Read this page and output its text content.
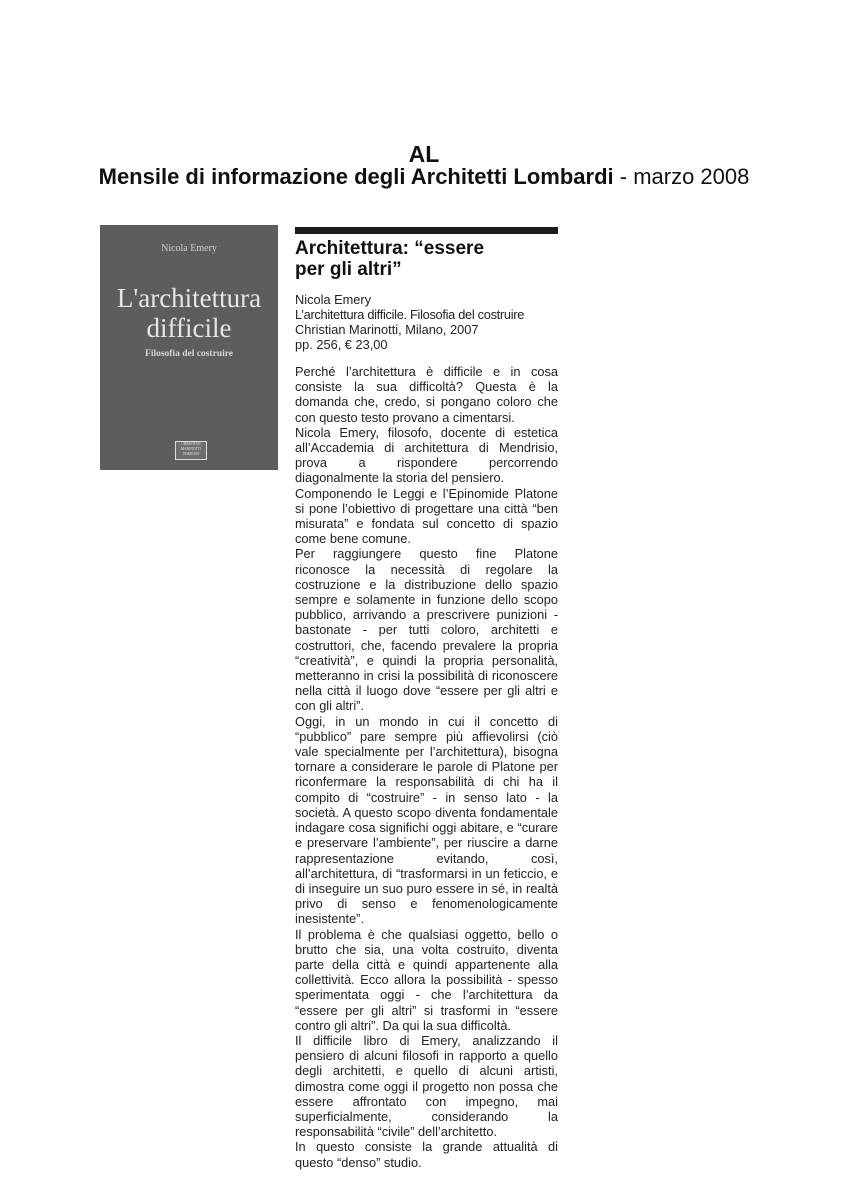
AL
Mensile di informazione degli Architetti Lombardi - marzo 2008
Nicola Emery
L'architettura
difficile
Filosofia del costruire
CHRISTIAN MARINOTTI EDIZIONI
Architettura: “essere
per gli altri”
Nicola Emery
L’architettura difficile. Filosofia del costruire
Christian Marinotti, Milano, 2007
pp. 256, € 23,00

Perché l’architettura è difficile e in cosa consiste la sua difficoltà? Questa è la domanda che, credo, si pongano coloro che con questo testo provano a cimentarsi.

Nicola Emery, filosofo, docente di estetica all’Accademia di architettura di Mendrisio, prova a rispondere percorrendo diagonalmente la storia del pensiero.

Componendo le Leggi e l’Epinomide Platone si pone l’obiettivo di progettare una città “ben misurata” e fondata sul concetto di spazio come bene comune.

Per raggiungere questo fine Platone riconosce la necessità di regolare la costruzione e la distribuzione dello spazio sempre e solamente in funzione dello scopo pubblico, arrivando a prescrivere punizioni - bastonate - per tutti coloro, architetti e costruttori, che, facendo prevalere la propria “creatività”, e quindi la propria personalità, metteranno in crisi la possibilità di riconoscere nella città il luogo dove “essere per gli altri e con gli altri”.

Oggi, in un mondo in cui il concetto di “pubblico” pare sempre più affievolirsi (ciò vale specialmente per l’architettura), bisogna tornare a considerare le parole di Platone per riconfermare la responsabilità di chi ha il compito di “costruire” - in senso lato - la società. A questo scopo diventa fondamentale indagare cosa significhi oggi abitare, e “curare e preservare l’ambiente”, per riuscire a darne rappresentazione evitando, così, all’architettura, di “trasformarsi in un feticcio, e di inseguire un suo puro essere in sé, in realtà privo di senso e fenomenologicamente inesistente”.

Il problema è che qualsiasi oggetto, bello o brutto che sia, una volta costruito, diventa parte della città e quindi appartenente alla collettività. Ecco allora la possibilità - spesso sperimentata oggi - che l’architettura da “essere per gli altri” si trasformi in “essere contro gli altri”. Da qui la sua difficoltà.

Il difficile libro di Emery, analizzando il pensiero di alcuni filosofi in rapporto a quello degli architetti, e quello di alcuni artisti, dimostra come oggi il progetto non possa che essere affrontato con impegno, mai superficialmente, considerando la responsabilità “civile” dell’architetto.

In questo consiste la grande attualità di questo “denso” studio.
